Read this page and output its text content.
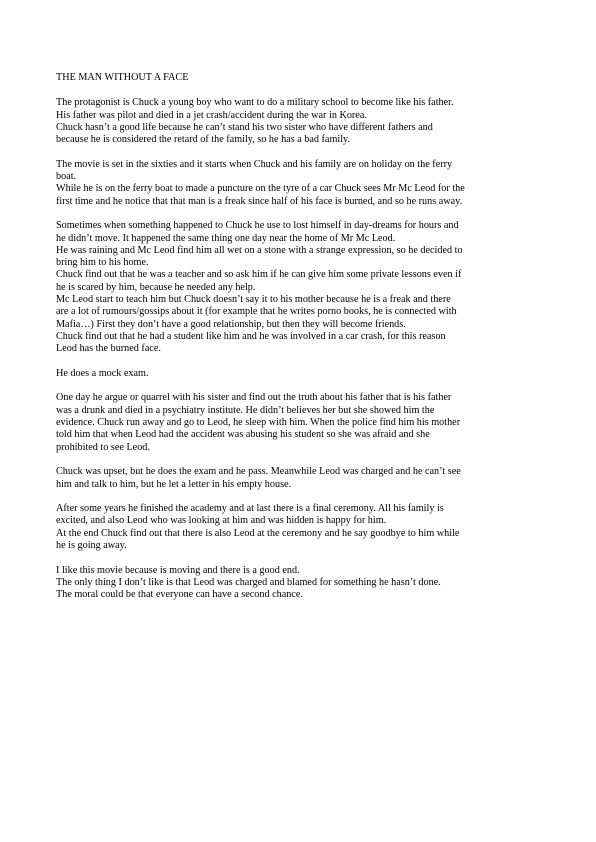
THE MAN WITHOUT A FACE
The protagonist is Chuck a young boy who want to do a military school to become like his father.
His father was pilot and died in a jet crash/accident during the war in Korea.
Chuck hasn’t a good life because he can’t stand his two sister who have different fathers and
because he is considered the retard of the family, so he has a bad family.
The movie is set in the sixties and it starts when Chuck and his family are on holiday on the ferry
boat.
While he is on the ferry boat to made a puncture on the tyre of a car Chuck sees Mr Mc Leod for the
first time and he notice that that man is a freak since half of his face is burned, and so he runs away.
Sometimes when something happened to Chuck he use to lost himself in day-dreams for hours and
he didn’t move. It happened the same thing one day near the home of Mr Mc Leod.
He was raining and Mc Leod find him all wet on a stone with a strange expression, so he decided to
bring him to his home.
Chuck find out that he was a teacher and so ask him if he can give him some private lessons even if
he is scared by him, because he needed any help.
Mc Leod start to teach him but Chuck doesn’t say it to his mother because he is a freak and there
are a lot of rumours/gossips about it (for example that he writes porno books, he is connected with
Mafia…) First they don’t have a good relationship, but then they will become friends.
Chuck find out that he had a student like him and he was involved in a car crash, for this reason
Leod has the burned face.
He does a mock exam.
One day he argue or quarrel with his sister and find out the truth about his father that is his father
was a drunk and died in a psychiatry institute. He didn’t believes her but she showed him the
evidence. Chuck run away and go to Leod, he sleep with him. When the police find him his mother
told him that when Leod had the accident was abusing his student so she was afraid and she
prohibited to see Leod.
Chuck was upset, but he does the exam and he pass. Meanwhile Leod was charged and he can’t see
him and talk to him, but he let a letter in his empty house.
After some years he finished the academy and at last there is a final ceremony. All his family is
excited, and also Leod who was looking at him and was hidden is happy for him.
At the end Chuck find out that there is also Leod at the ceremony and he say goodbye to him while
he is going away.
I like this movie because is moving and there is a good end.
The only thing I don’t like is that Leod was charged and blamed for something he hasn’t done.
The moral could be that everyone can have a second chance.
